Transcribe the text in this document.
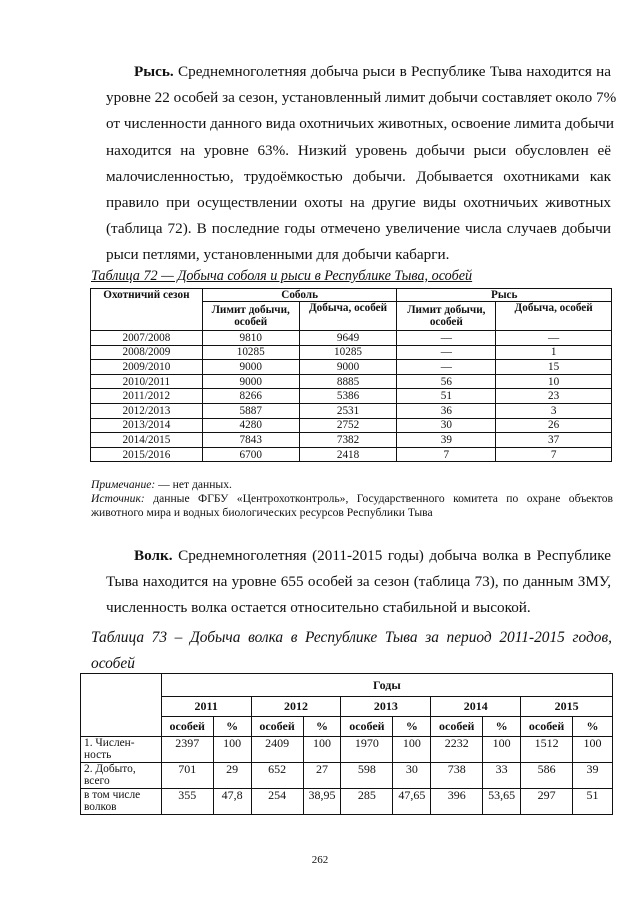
Рысь. Среднемноголетняя добыча рыси в Республике Тыва находится на
уровне 22 особей за сезон, установленный лимит добычи составляет около 7%
от численности данного вида охотничьих животных, освоение лимита добычи
находится на уровне 63%. Низкий уровень добычи рыси обусловлен её
малочисленностью, трудоёмкостью добычи. Добывается охотниками как
правило при осуществлении охоты на другие виды охотничьих животных
(таблица 72). В последние годы отмечено увеличение числа случаев добычи
рыси петлями, установленными для добычи кабарги.
Таблица 72 — Добыча соболя и рыси в Республике Тыва, особей
Охотничий сезон	Соболь		Рысь	
	Лимит добычи, особей	Добыча, особей	Лимит добычи, особей	Добыча, особей
2007/2008	9810	9649	—	—
2008/2009	10285	10285	—	1
2009/2010	9000	9000	—	15
2010/2011	9000	8885	56	10
2011/2012	8266	5386	51	23
2012/2013	5887	2531	36	3
2013/2014	4280	2752	30	26
2014/2015	7843	7382	39	37
2015/2016	6700	2418	7	7
Примечание: — нет данных.
Источник: данные ФГБУ «Центрохотконтроль», Государственного комитета по охране объектов животного мира и водных биологических ресурсов Республики Тыва
Волк. Среднемноголетняя (2011-2015 годы) добыча волка в Республике
Тыва находится на уровне 655 особей за сезон (таблица 73), по данным ЗМУ,
численность волка остается относительно стабильной и высокой.
Таблица 73 – Добыча волка в Республике Тыва за период 2011-2015 годов,
особей
	Годы									
	2011		2012		2013		2014		2015	
	особей	%	особей	%	особей	%	особей	%	особей	%
1. Числен-ность	2397	100	2409	100	1970	100	2232	100	1512	100
2. Добыто, всего	701	29	652	27	598	30	738	33	586	39
в том числе волков	355	47,8	254	38,95	285	47,65	396	53,65	297	51
262
